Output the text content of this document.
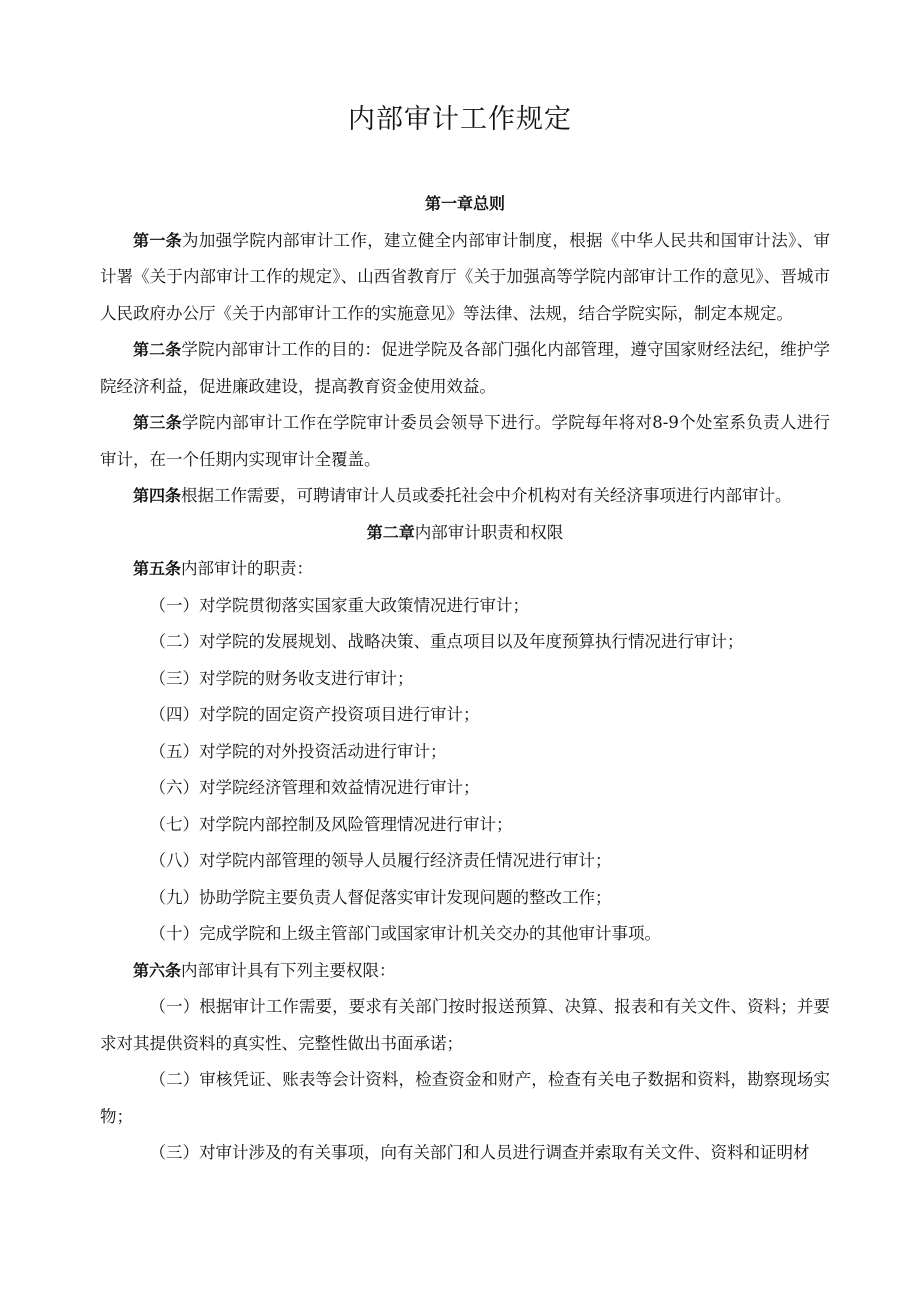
内部审计工作规定

第一章总则

第一条为加强学院内部审计工作，建立健全内部审计制度，根据《中华人民共和国审计法》、审计署《关于内部审计工作的规定》、山西省教育厅《关于加强高等学院内部审计工作的意见》、晋城市人民政府办公厅《关于内部审计工作的实施意见》等法律、法规，结合学院实际，制定本规定。

第二条学院内部审计工作的目的：促进学院及各部门强化内部管理，遵守国家财经法纪，维护学院经济利益，促进廉政建设，提高教育资金使用效益。

第三条学院内部审计工作在学院审计委员会领导下进行。学院每年将对8-9个处室系负责人进行审计，在一个任期内实现审计全覆盖。

第四条根据工作需要，可聘请审计人员或委托社会中介机构对有关经济事项进行内部审计。

第二章内部审计职责和权限

第五条内部审计的职责：

（一）对学院贯彻落实国家重大政策情况进行审计；

（二）对学院的发展规划、战略决策、重点项目以及年度预算执行情况进行审计；

（三）对学院的财务收支进行审计；

（四）对学院的固定资产投资项目进行审计；

（五）对学院的对外投资活动进行审计；

（六）对学院经济管理和效益情况进行审计；

（七）对学院内部控制及风险管理情况进行审计；

（八）对学院内部管理的领导人员履行经济责任情况进行审计；

（九）协助学院主要负责人督促落实审计发现问题的整改工作；

（十）完成学院和上级主管部门或国家审计机关交办的其他审计事项。

第六条内部审计具有下列主要权限：

（一）根据审计工作需要，要求有关部门按时报送预算、决算、报表和有关文件、资料；并要求对其提供资料的真实性、完整性做出书面承诺；

（二）审核凭证、账表等会计资料，检查资金和财产，检查有关电子数据和资料，勘察现场实物；

（三）对审计涉及的有关事项，向有关部门和人员进行调查并索取有关文件、资料和证明材
